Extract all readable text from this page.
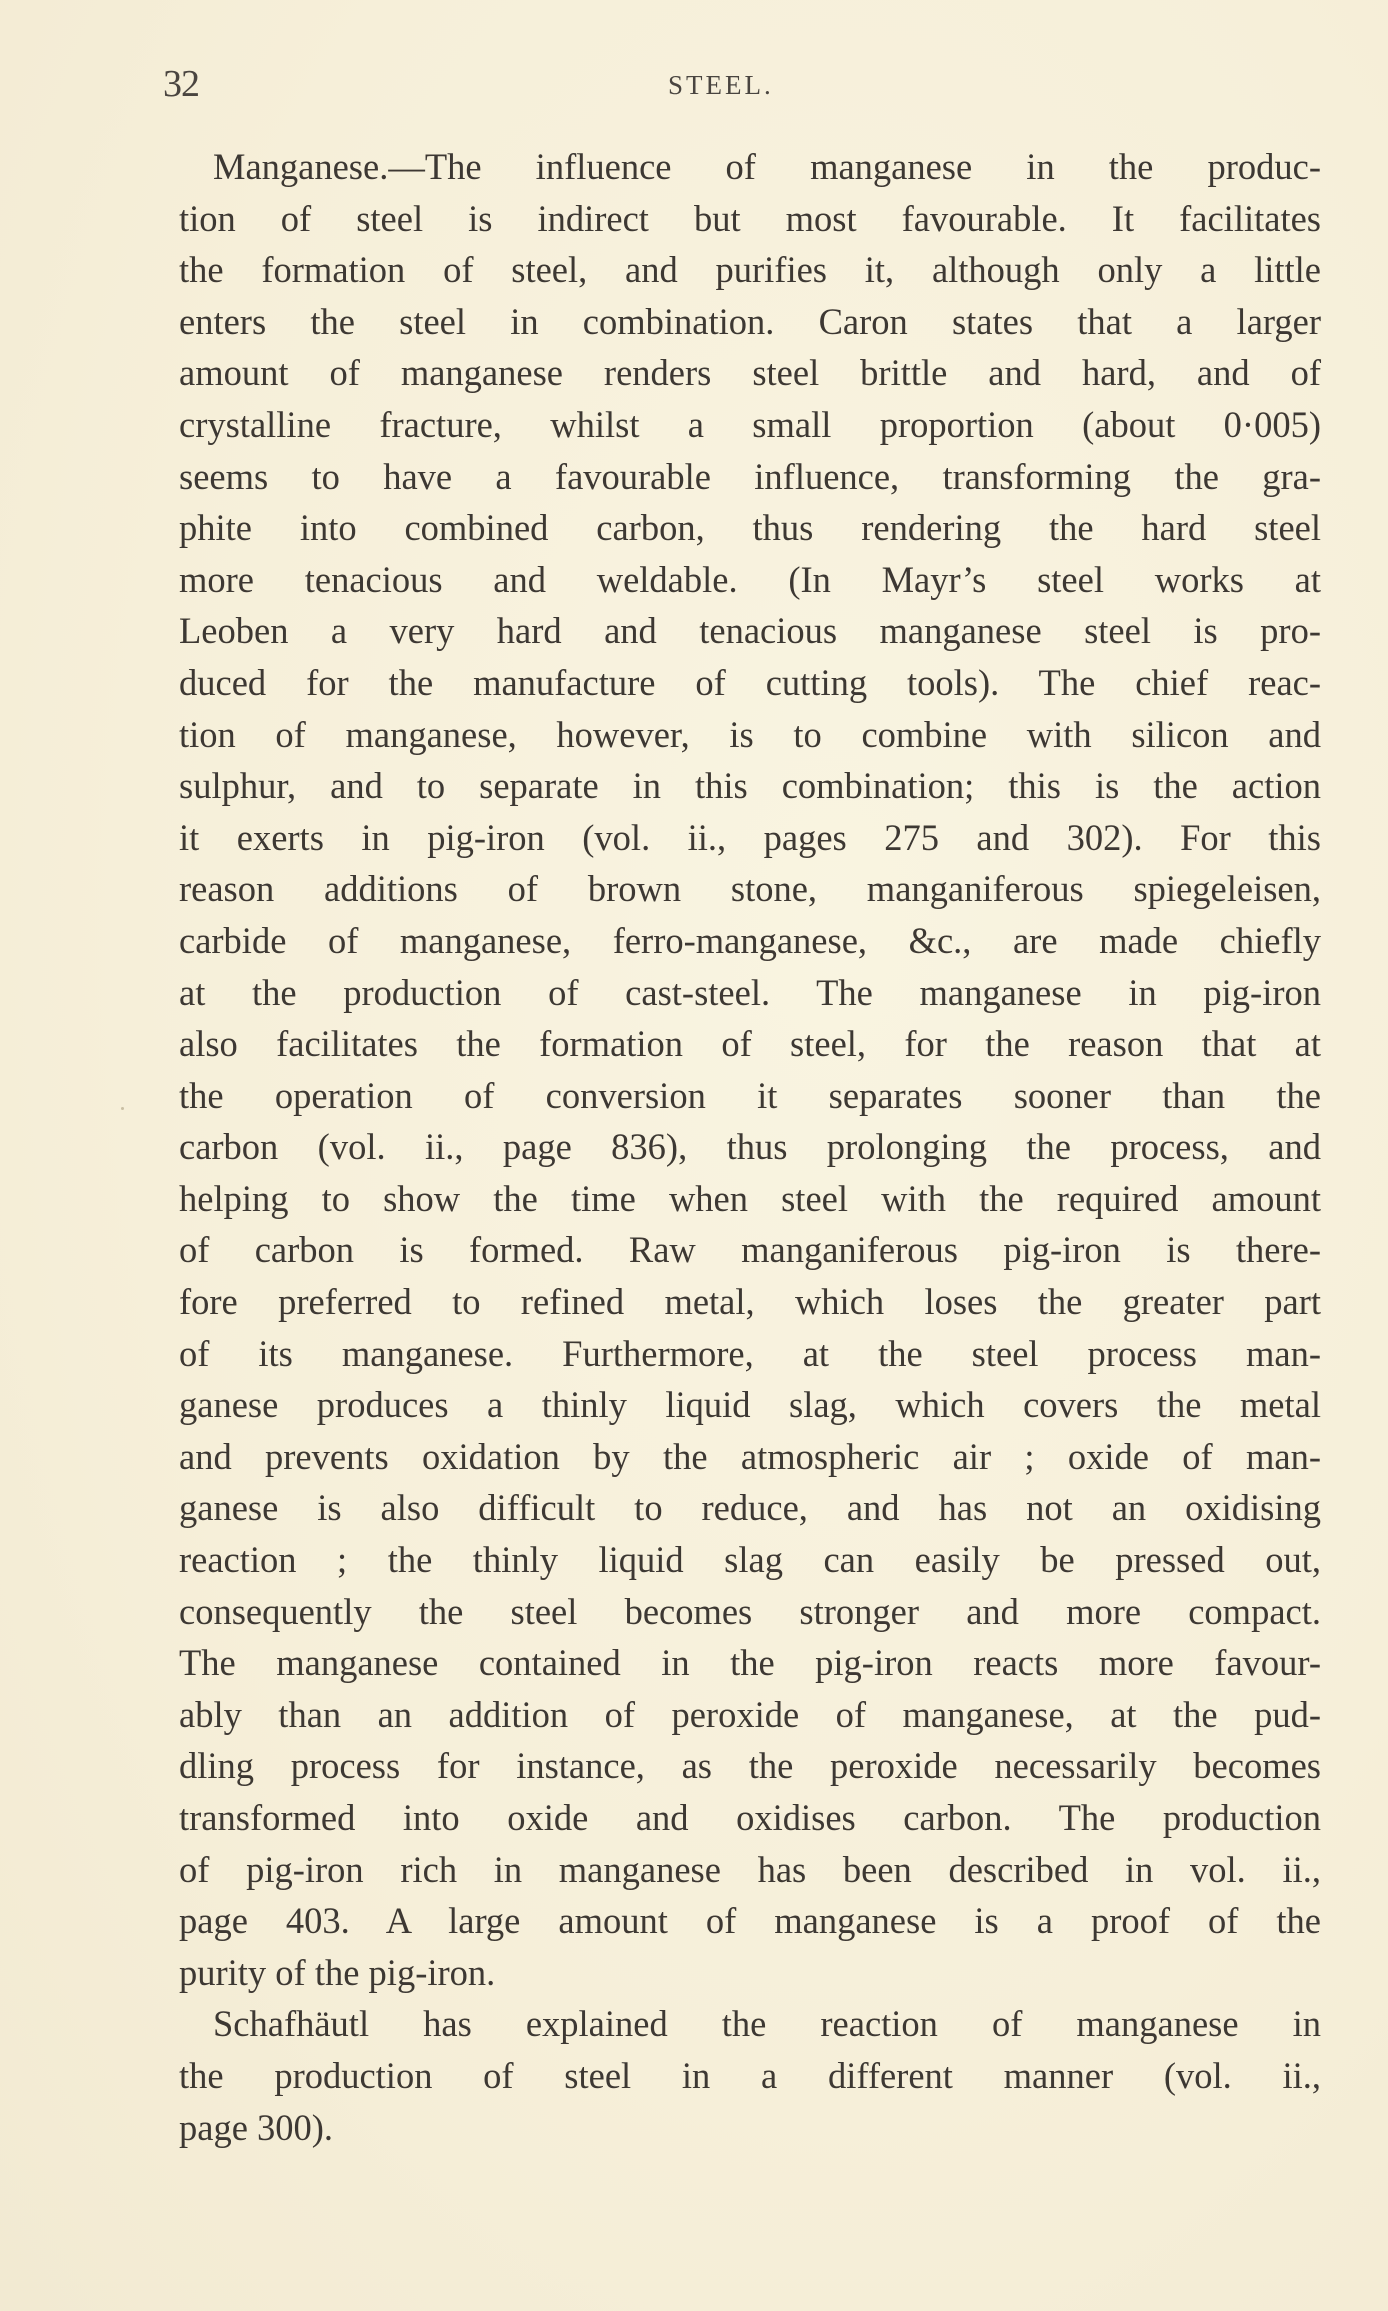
32	STEEL.
Manganese.—The influence of manganese in the produc-
tion of steel is indirect but most favourable. It facilitates
the formation of steel, and purifies it, although only a little
enters the steel in combination. Caron states that a larger
amount of manganese renders steel brittle and hard, and of
crystalline fracture, whilst a small proportion (about 0·005)
seems to have a favourable influence, transforming the gra-
phite into combined carbon, thus rendering the hard steel
more tenacious and weldable. (In Mayr’s steel works at
Leoben a very hard and tenacious manganese steel is pro-
duced for the manufacture of cutting tools). The chief reac-
tion of manganese, however, is to combine with silicon and
sulphur, and to separate in this combination; this is the action
it exerts in pig-iron (vol. ii., pages 275 and 302). For this
reason additions of brown stone, manganiferous spiegeleisen,
carbide of manganese, ferro-manganese, &c., are made chiefly
at the production of cast-steel. The manganese in pig-iron
also facilitates the formation of steel, for the reason that at
the operation of conversion it separates sooner than the
carbon (vol. ii., page 836), thus prolonging the process, and
helping to show the time when steel with the required amount
of carbon is formed. Raw manganiferous pig-iron is there-
fore preferred to refined metal, which loses the greater part
of its manganese. Furthermore, at the steel process man-
ganese produces a thinly liquid slag, which covers the metal
and prevents oxidation by the atmospheric air ; oxide of man-
ganese is also difficult to reduce, and has not an oxidising
reaction ; the thinly liquid slag can easily be pressed out,
consequently the steel becomes stronger and more compact.
The manganese contained in the pig-iron reacts more favour-
ably than an addition of peroxide of manganese, at the pud-
dling process for instance, as the peroxide necessarily becomes
transformed into oxide and oxidises carbon. The production
of pig-iron rich in manganese has been described in vol. ii.,
page 403. A large amount of manganese is a proof of the
purity of the pig-iron.
Schafhäutl has explained the reaction of manganese in
the production of steel in a different manner (vol. ii.,
page 300).
